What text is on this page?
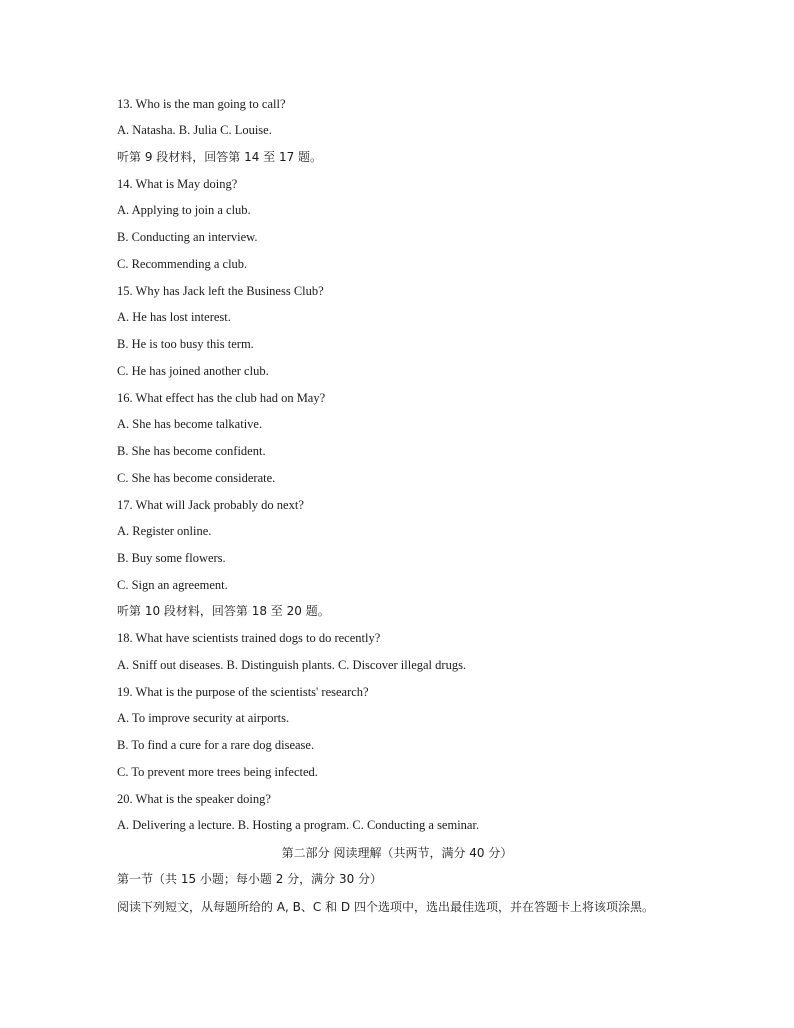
13. Who is the man going to call?
A. Natasha. B. Julia C. Louise.
听第 9 段材料，回答第 14 至 17 题。
14. What is May doing?
A. Applying to join a club.
B. Conducting an interview.
C. Recommending a club.
15. Why has Jack left the Business Club?
A. He has lost interest.
B. He is too busy this term.
C. He has joined another club.
16. What effect has the club had on May?
A. She has become talkative.
B. She has become confident.
C. She has become considerate.
17. What will Jack probably do next?
A. Register online.
B. Buy some flowers.
C. Sign an agreement.
听第 10 段材料，回答第 18 至 20 题。
18. What have scientists trained dogs to do recently?
A. Sniff out diseases. B. Distinguish plants. C. Discover illegal drugs.
19. What is the purpose of the scientists' research?
A. To improve security at airports.
B. To find a cure for a rare dog disease.
C. To prevent more trees being infected.
20. What is the speaker doing?
A. Delivering a lecture. B. Hosting a program. C. Conducting a seminar.
第二部分 阅读理解（共两节，满分 40 分）
第一节（共 15 小题；每小题 2 分，满分 30 分）
阅读下列短文，从每题所给的 A, B、C 和 D 四个选项中，选出最佳选项，并在答题卡上将该项涂黑。
